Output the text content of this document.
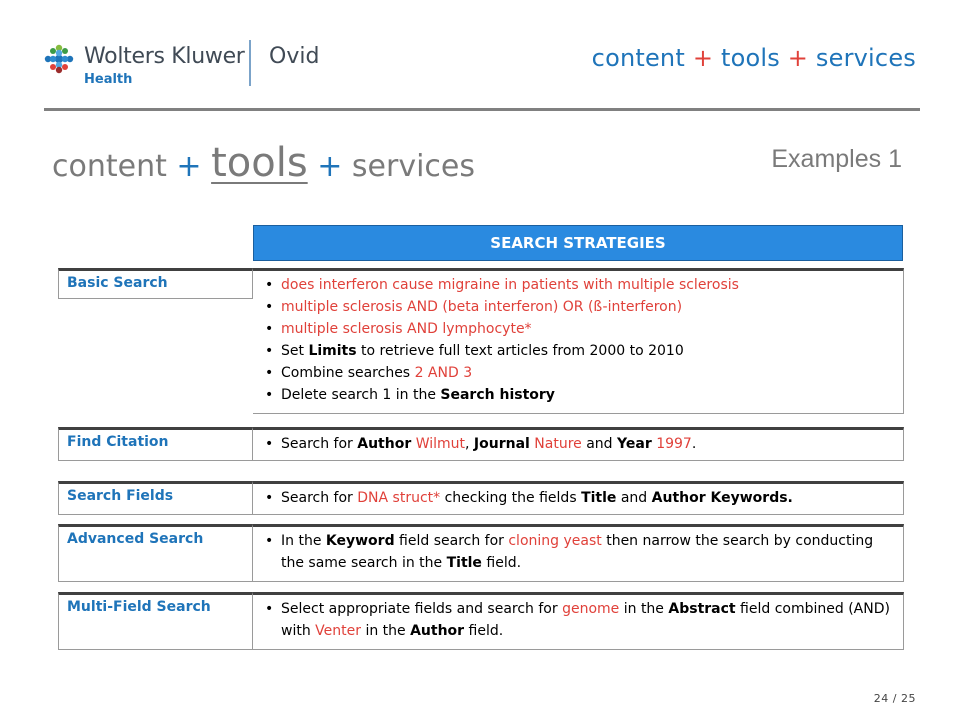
Wolters Kluwer
Health
Ovid	content + tools + services
content + tools + services	Examples 1
SEARCH STRATEGIES
Basic Search	• does interferon cause migraine in patients with multiple sclerosis
• multiple sclerosis AND (beta interferon) OR (ß-interferon)
• multiple sclerosis AND lymphocyte*
• Set Limits to retrieve full text articles from 2000 to 2010
• Combine searches 2 AND 3
• Delete search 1 in the Search history
Find Citation	• Search for Author Wilmut, Journal Nature and Year 1997.
Search Fields	• Search for DNA struct* checking the fields Title and Author Keywords.
Advanced Search	• In the Keyword field search for cloning yeast then narrow the search by conducting the same search in the Title field.
Multi-Field Search	• Select appropriate fields and search for genome in the Abstract field combined (AND) with Venter in the Author field.
24 / 25
